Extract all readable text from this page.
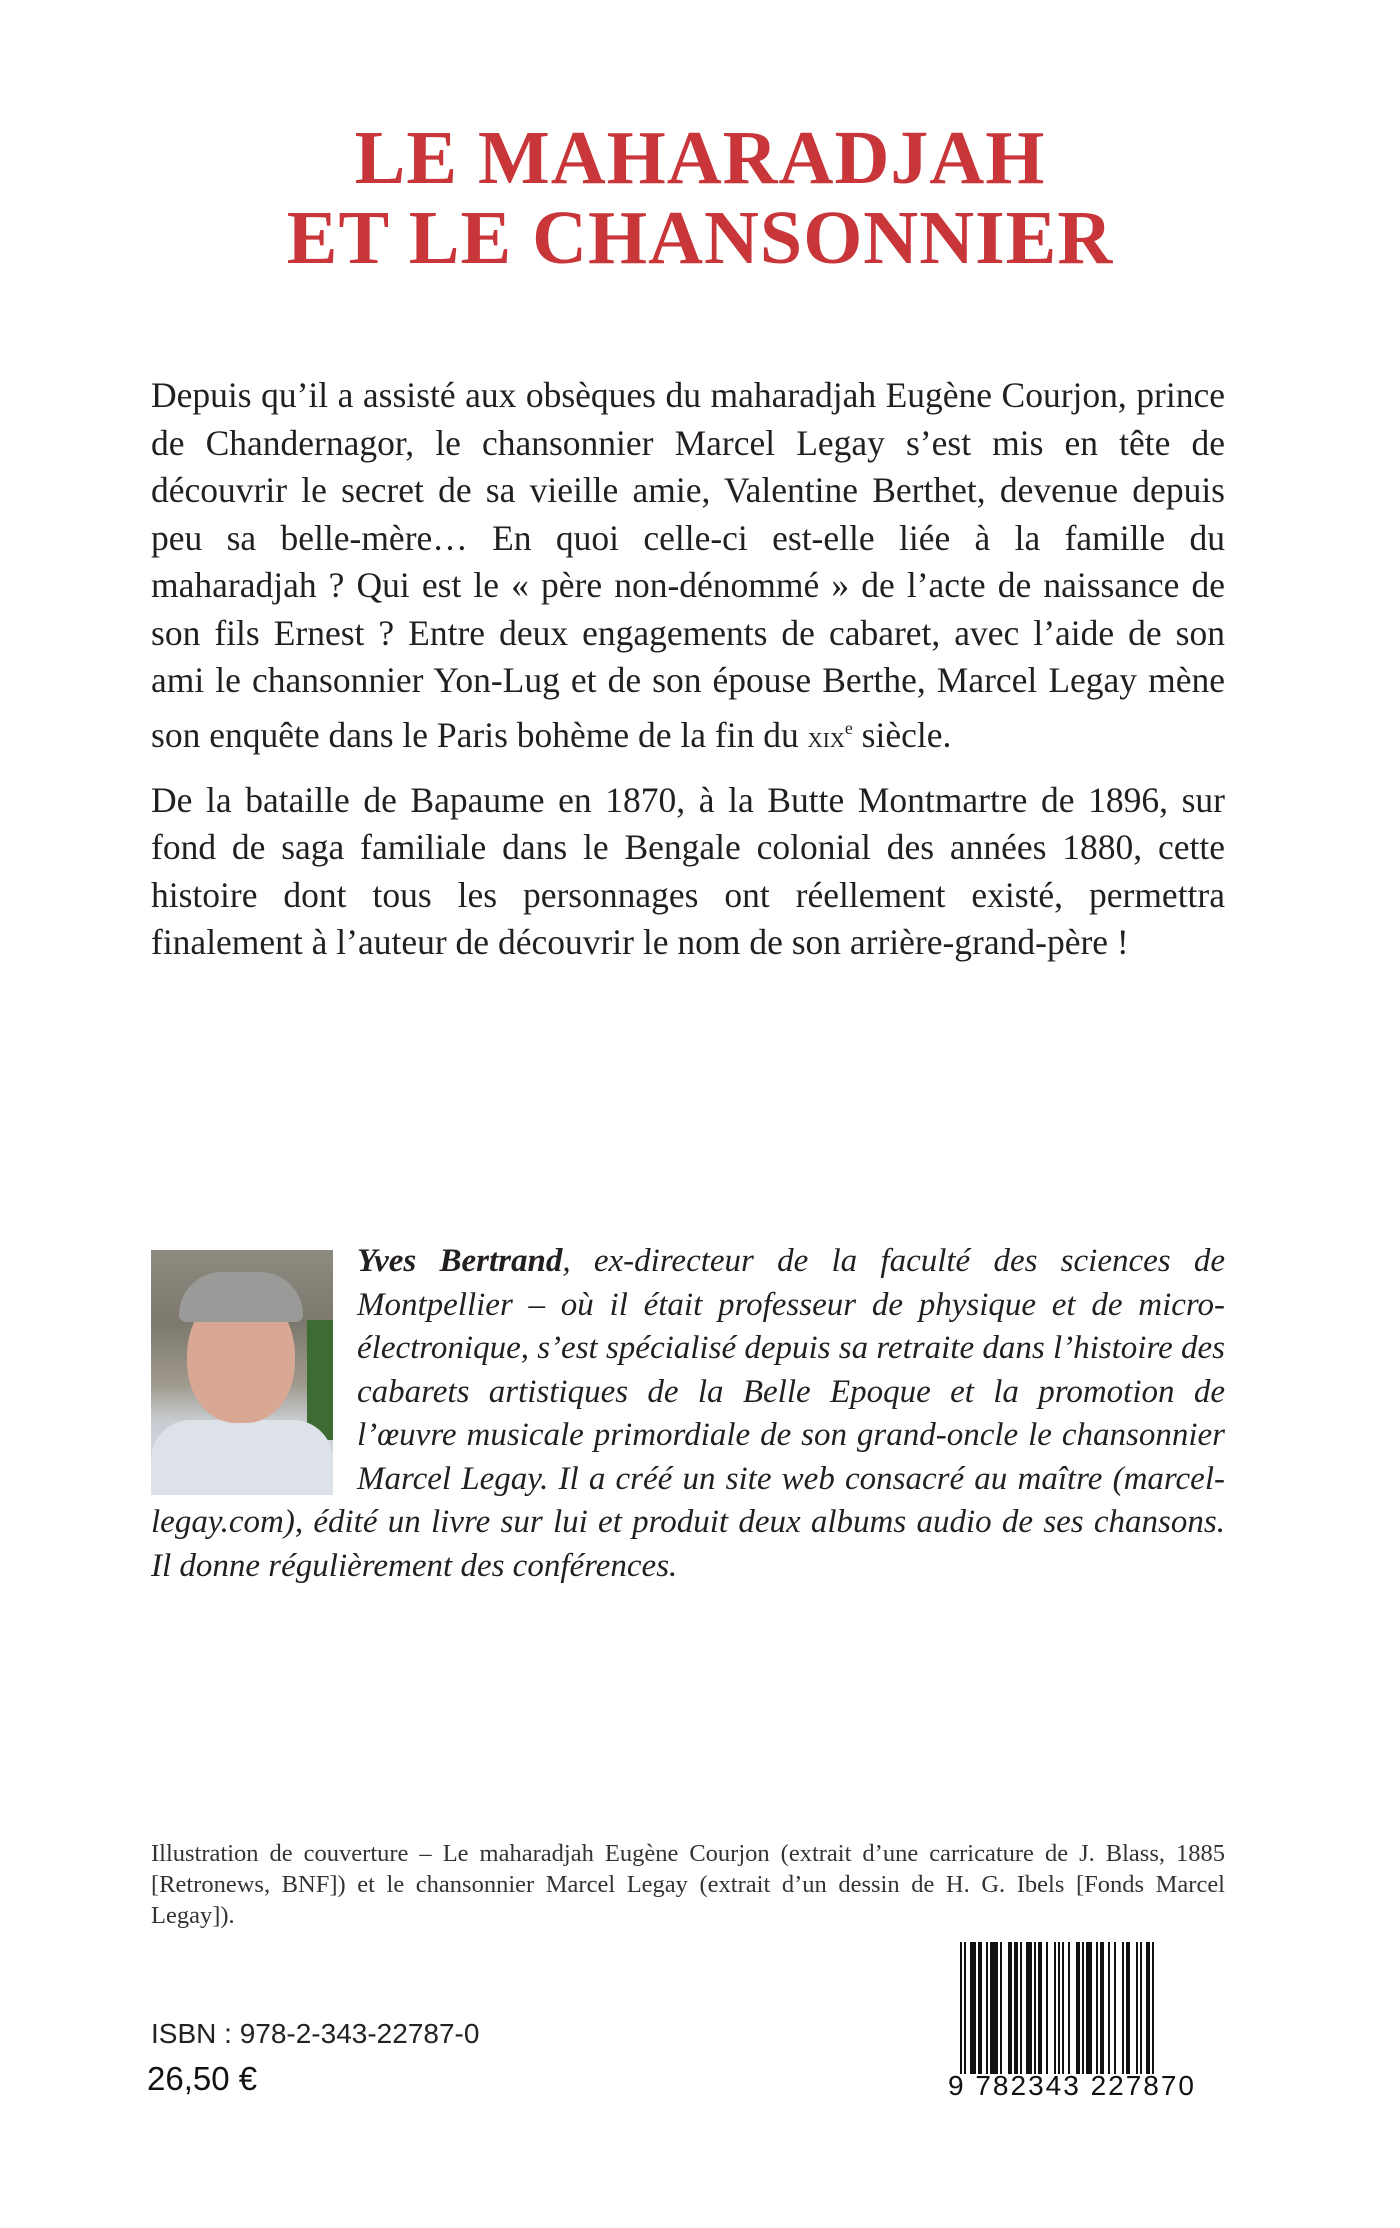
LE MAHARADJAH
ET LE CHANSONNIER

Depuis qu’il a assisté aux obsèques du maharadjah Eugène Courjon, prince de Chandernagor, le chansonnier Marcel Legay s’est mis en tête de découvrir le secret de sa vieille amie, Valentine Berthet, devenue depuis peu sa belle-mère… En quoi celle-ci est-elle liée à la famille du maharadjah ? Qui est le « père non-dénommé » de l’acte de naissance de son fils Ernest ? Entre deux engagements de cabaret, avec l’aide de son ami le chansonnier Yon-Lug et de son épouse Berthe, Marcel Legay mène son enquête dans le Paris bohème de la fin du xix$^e$ siècle.

De la bataille de Bapaume en 1870, à la Butte Montmartre de 1896, sur fond de saga familiale dans le Bengale colonial des années 1880, cette histoire dont tous les personnages ont réellement existé, permettra finalement à l’auteur de découvrir le nom de son arrière-grand-père !

Yves Bertrand, ex-directeur de la faculté des sciences de Montpellier – où il était professeur de physique et de micro-électronique, s’est spécialisé depuis sa retraite dans l’histoire des cabarets artistiques de la Belle Epoque et la promotion de l’œuvre musicale primordiale de son grand-oncle le chansonnier Marcel Legay. Il a créé un site web consacré au maître (marcel-legay.com), édité un livre sur lui et produit deux albums audio de ses chansons. Il donne régulièrement des conférences.
Illustration de couverture – Le maharadjah Eugène Courjon (extrait d’une carricature de J. Blass, 1885 [Retronews, BNF]) et le chansonnier Marcel Legay (extrait d’un dessin de H. G. Ibels [Fonds Marcel Legay]).
ISBN : 978-2-343-22787-0
26,50 €	9 782343 227870
